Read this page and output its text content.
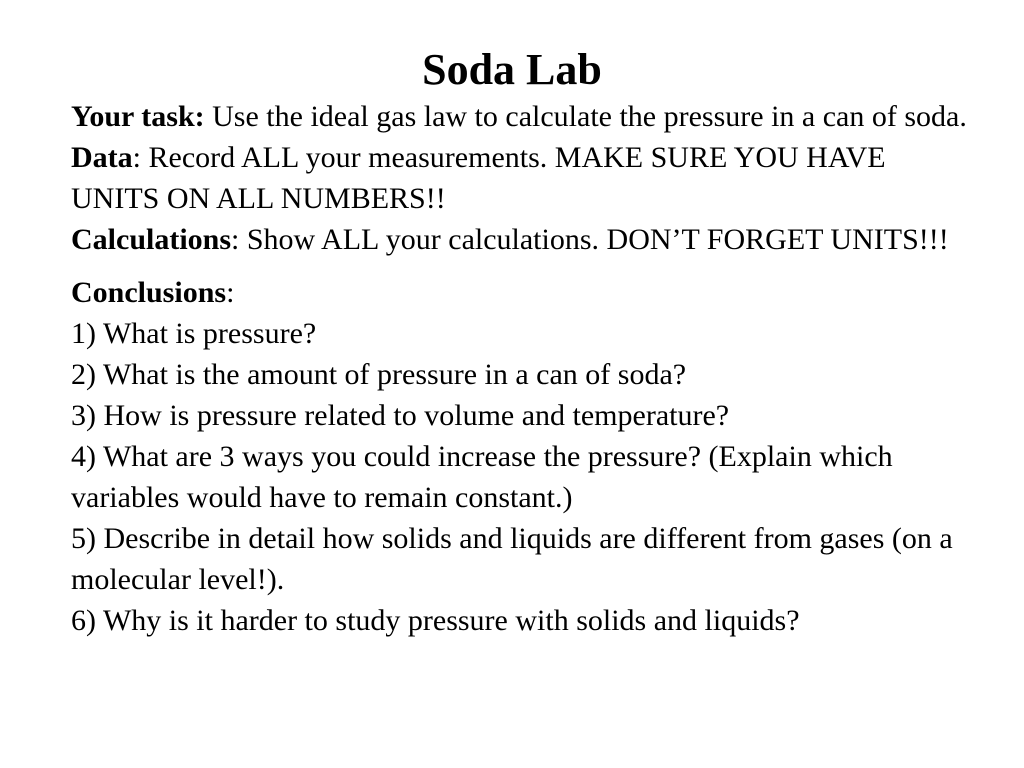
Soda Lab

Your task: Use the ideal gas law to calculate the pressure in a can of soda.

Data: Record ALL your measurements. MAKE SURE YOU HAVE UNITS ON ALL NUMBERS!!

Calculations: Show ALL your calculations. DON’T FORGET UNITS!!!

Conclusions:

1) What is pressure?

2) What is the amount of pressure in a can of soda?

3) How is pressure related to volume and temperature?

4) What are 3 ways you could increase the pressure? (Explain which variables would have to remain constant.)

5) Describe in detail how solids and liquids are different from gases (on a molecular level!).

6) Why is it harder to study pressure with solids and liquids?
